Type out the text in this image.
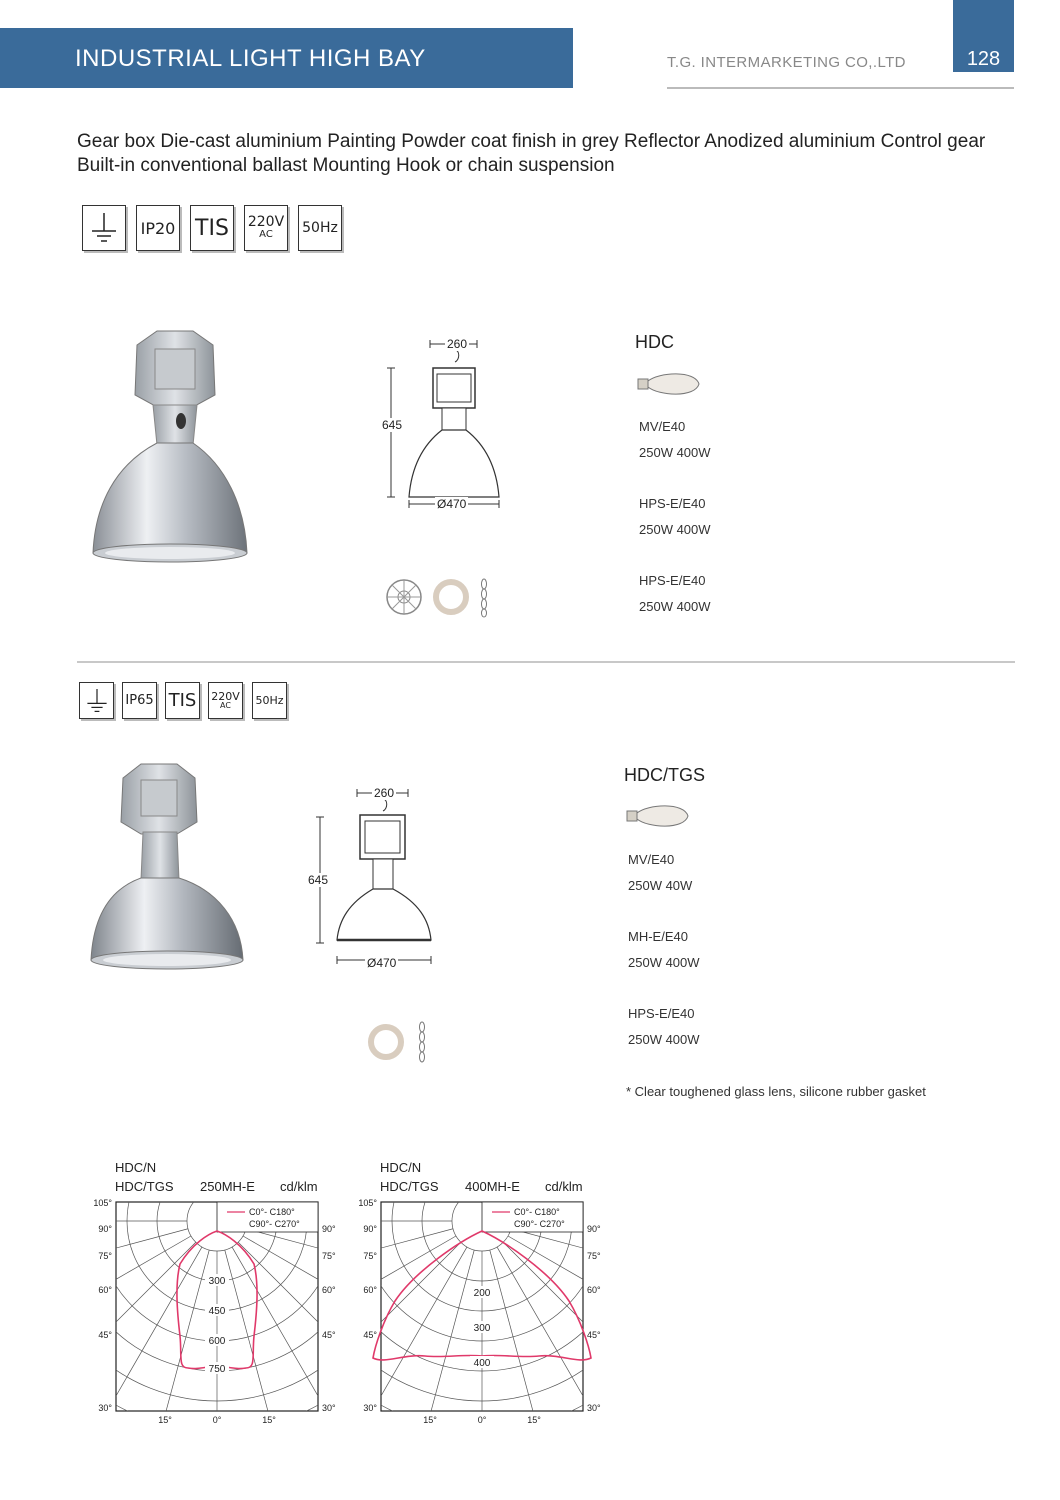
INDUSTRIAL LIGHT HIGH BAY	T.G. INTERMARKETING CO,.LTD	128
Gear box Die-cast aluminium Painting Powder coat finish in grey Reflector Anodized aluminium Control gear Built-in conventional ballast Mounting Hook or chain suspension
IP20 TIS	220V
AC 50Hz
260
645
Ø470
HDC
MV/E40
250W 400W
HPS-E/E40
250W 400W
HPS-E/E40
250W 400W
IP65 TIS	220V
AC	50Hz
260
645
Ø470
HDC/TGS
MV/E40
250W 40W
MH-E/E40
250W 400W
HPS-E/E40
250W 400W
* Clear toughened glass lens, silicone rubber gasket
HDC/N
HDC/TGS 250MH-E cd/klm
C0°- C180°
C90°- C270°
300
450
600
750
105°
90°
75°
60°
45°
30°
90°
75°
60°
45°
30°
15°	0°	15°
HDC/N
HDC/TGS 400MH-E cd/klm
C0°- C180°
C90°- C270°
200
300
400
105°
90°
75°
60°
45°
30°
90°
75°
60°
45°
30°
15°	0°	15°
